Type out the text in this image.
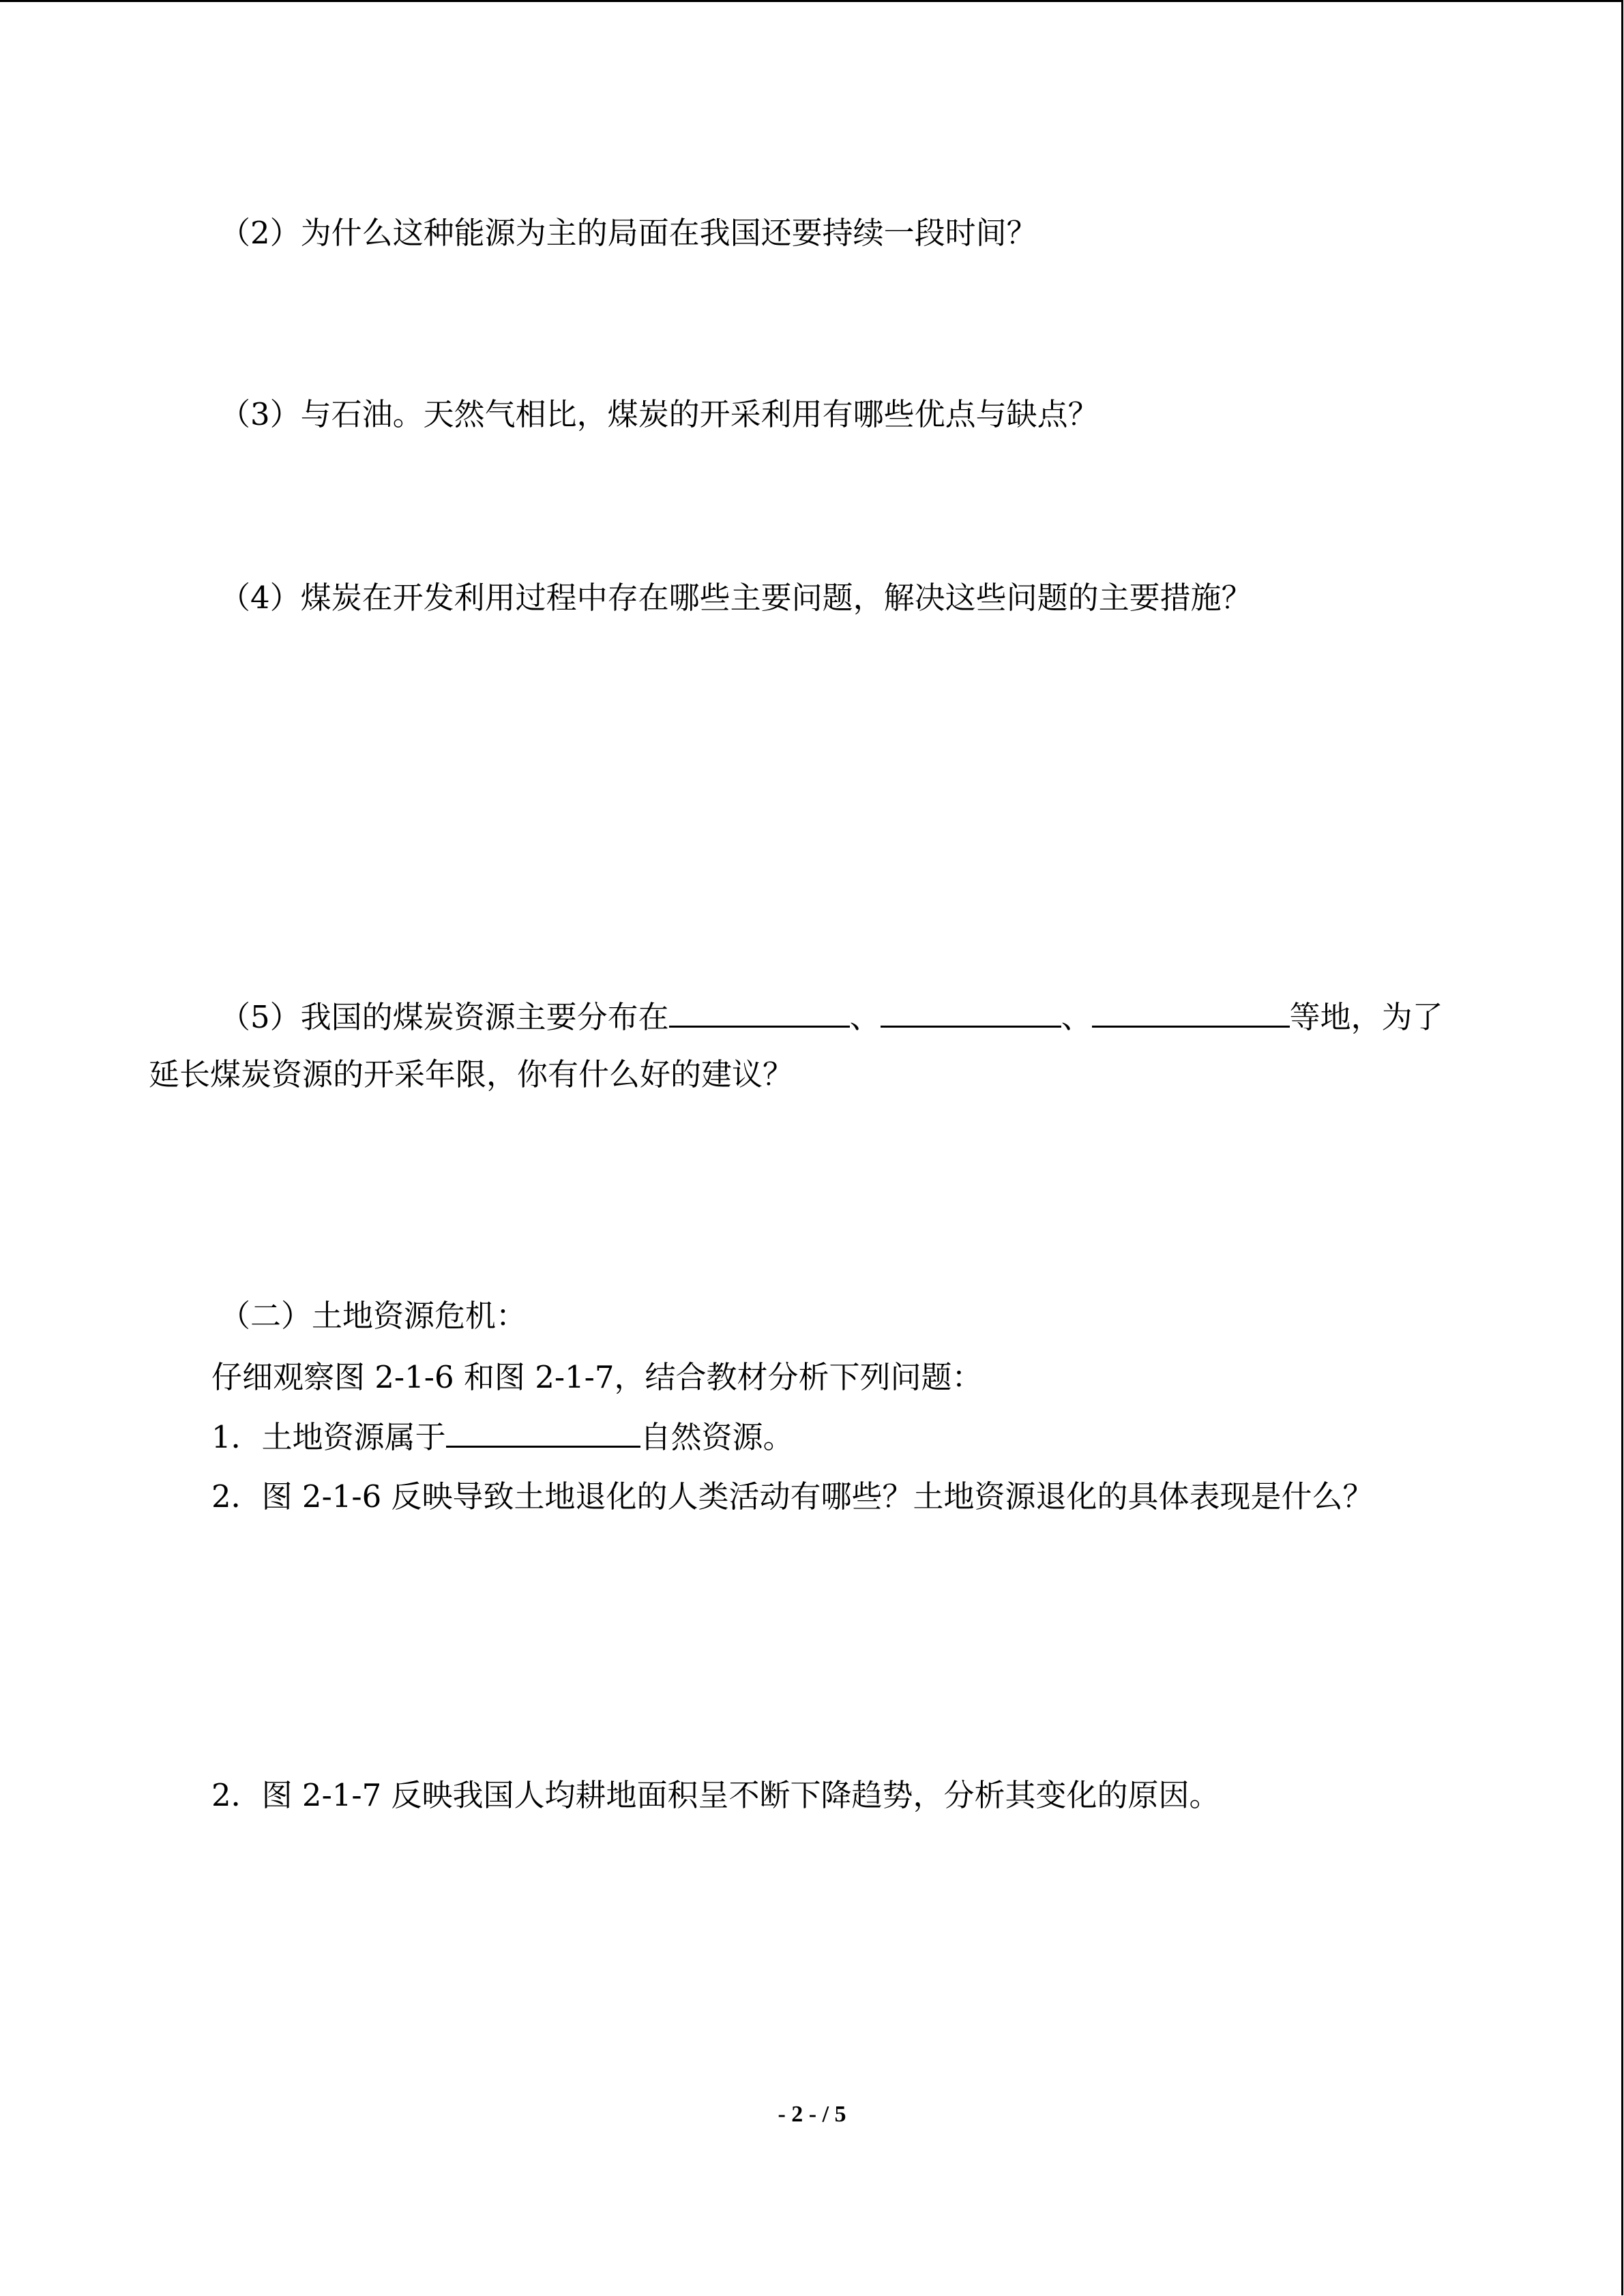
（2）为什么这种能源为主的局面在我国还要持续一段时间？
（3）与石油。天然气相比，煤炭的开采利用有哪些优点与缺点？
（4）煤炭在开发利用过程中存在哪些主要问题，解决这些问题的主要措施？
（5）我国的煤炭资源主要分布在	、	、	等地，为了
延长煤炭资源的开采年限，你有什么好的建议？
（二）土地资源危机：
仔细观察图 2-1-6 和图 2-1-7，结合教材分析下列问题：
1．土地资源属于	自然资源。
2．图 2-1-6 反映导致土地退化的人类活动有哪些？土地资源退化的具体表现是什么？
2．图 2-1-7 反映我国人均耕地面积呈不断下降趋势，分析其变化的原因。
- 2 - / 5
